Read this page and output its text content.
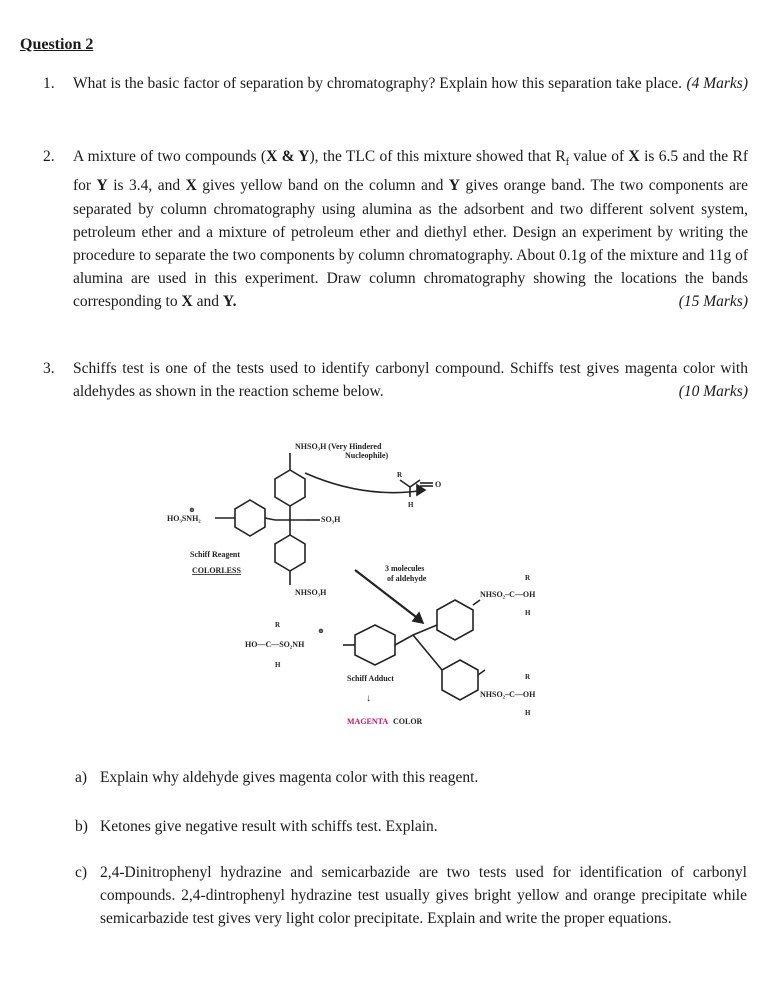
Question 2
1. What is the basic factor of separation by chromatography? Explain how this separation take place. (4 Marks)
2. A mixture of two compounds (X & Y), the TLC of this mixture showed that $R_f$ value of X is 6.5 and the Rf for Y is 3.4, and X gives yellow band on the column and Y gives orange band. The two components are separated by column chromatography using alumina as the adsorbent and two different solvent system, petroleum ether and a mixture of petroleum ether and diethyl ether. Design an experiment by writing the procedure to separate the two components by column chromatography. About 0.1g of the mixture and 11g of alumina are used in this experiment. Draw column chromatography showing the locations the bands corresponding to X and Y.	(15 Marks)
3. Schiffs test is one of the tests used to identify carbonyl compound. Schiffs test gives magenta color with aldehydes as shown in the reaction scheme below.	(10 Marks)
NHSO₃H (Very Hindered
Nucleophile)
R
H
O
HO₃SNH₂
⊕
SO₃H
Schiff Reagent
COLORLESS
NHSO₃H
3 molecules
of aldehyde	R
NHSO₂–C—OH
H
R
NHSO₂–C—OH
H
R
⊕
HO—C—SO₂NH
H
Schiff Adduct
↓
MAGENTA COLOR
a) Explain why aldehyde gives magenta color with this reagent.
b) Ketones give negative result with schiffs test. Explain.
c) 2,4-Dinitrophenyl hydrazine and semicarbazide are two tests used for identification of carbonyl compounds. 2,4-dintrophenyl hydrazine test usually gives bright yellow and orange precipitate while semicarbazide test gives very light color precipitate. Explain and write the proper equations.
